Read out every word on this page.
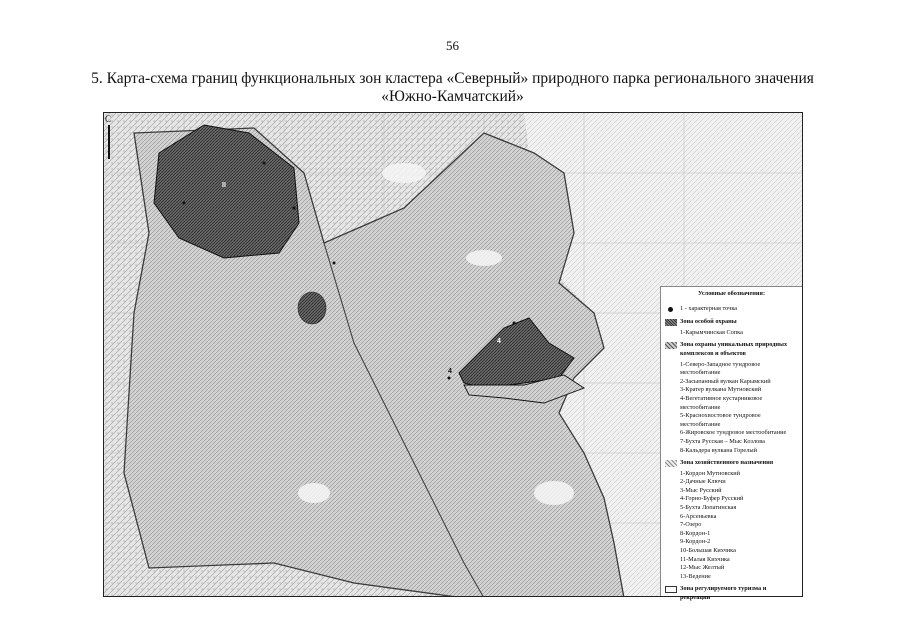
56
5. Карта-схема границ функциональных зон кластера «Северный» природного парка регионального значения
«Южно-Камчатский»
С
II
4
4
Условные обозначения:
1 - характерная точка
Зона особой охраны
1-Карымчинская Сопка
Зона охраны уникальных природных комплексов и объектов
1-Северо-Западное тундровое местообитание
2-Засыпанный вулкан Карымский
3-Кратер вулкана Мутновский
4-Вегетативное кустарниковое местообитание
5-Краснохвостовое тундровое местообитание
6-Жировское тундровое местообитание
7-Бухта Русская – Мыс Козлова
8-Кальдера вулкана Горелый
Зона хозяйственного назначения
1-Кордон Мутновский
2-Дачные Ключи
3-Мыс Русский
4-Горно-Буфер Русский
5-Бухта Лопатинская
6-Арсеньевка
7-Озеро
8-Кордон-1
9-Кордон-2
10-Большая Кихчика
11-Малая Кихчика
12-Мыс Желтый
13-Ведение
Зона регулируемого туризма и рекреации
